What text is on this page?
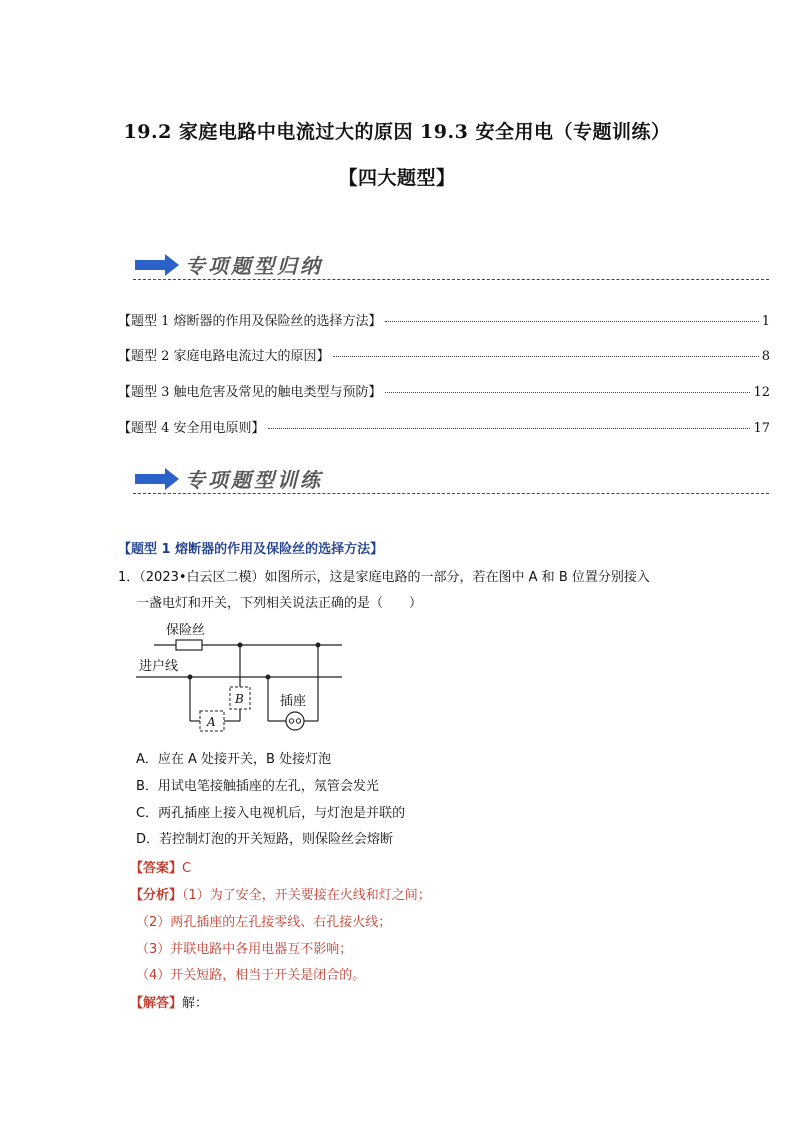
19.2 家庭电路中电流过大的原因 19.3 安全用电（专题训练）
【四大题型】
专项题型归纳
【题型 1 熔断器的作用及保险丝的选择方法】	1
【题型 2 家庭电路电流过大的原因】	8
【题型 3 触电危害及常见的触电类型与预防】	12
【题型 4 安全用电原则】	17
专项题型训练
【题型 1 熔断器的作用及保险丝的选择方法】
1．（2023•白云区二模）如图所示，这是家庭电路的一部分，若在图中 A 和 B 位置分别接入
一盏电灯和开关，下列相关说法正确的是（　　）
保险丝
进户线
B
A
插座
A．应在 A 处接开关，B 处接灯泡
B．用试电笔接触插座的左孔，氖管会发光
C．两孔插座上接入电视机后，与灯泡是并联的
D．若控制灯泡的开关短路，则保险丝会熔断
【答案】C
【分析】（1）为了安全，开关要接在火线和灯之间；
（2）两孔插座的左孔接零线、右孔接火线；
（3）并联电路中各用电器互不影响；
（4）开关短路，相当于开关是闭合的。
【解答】解：
